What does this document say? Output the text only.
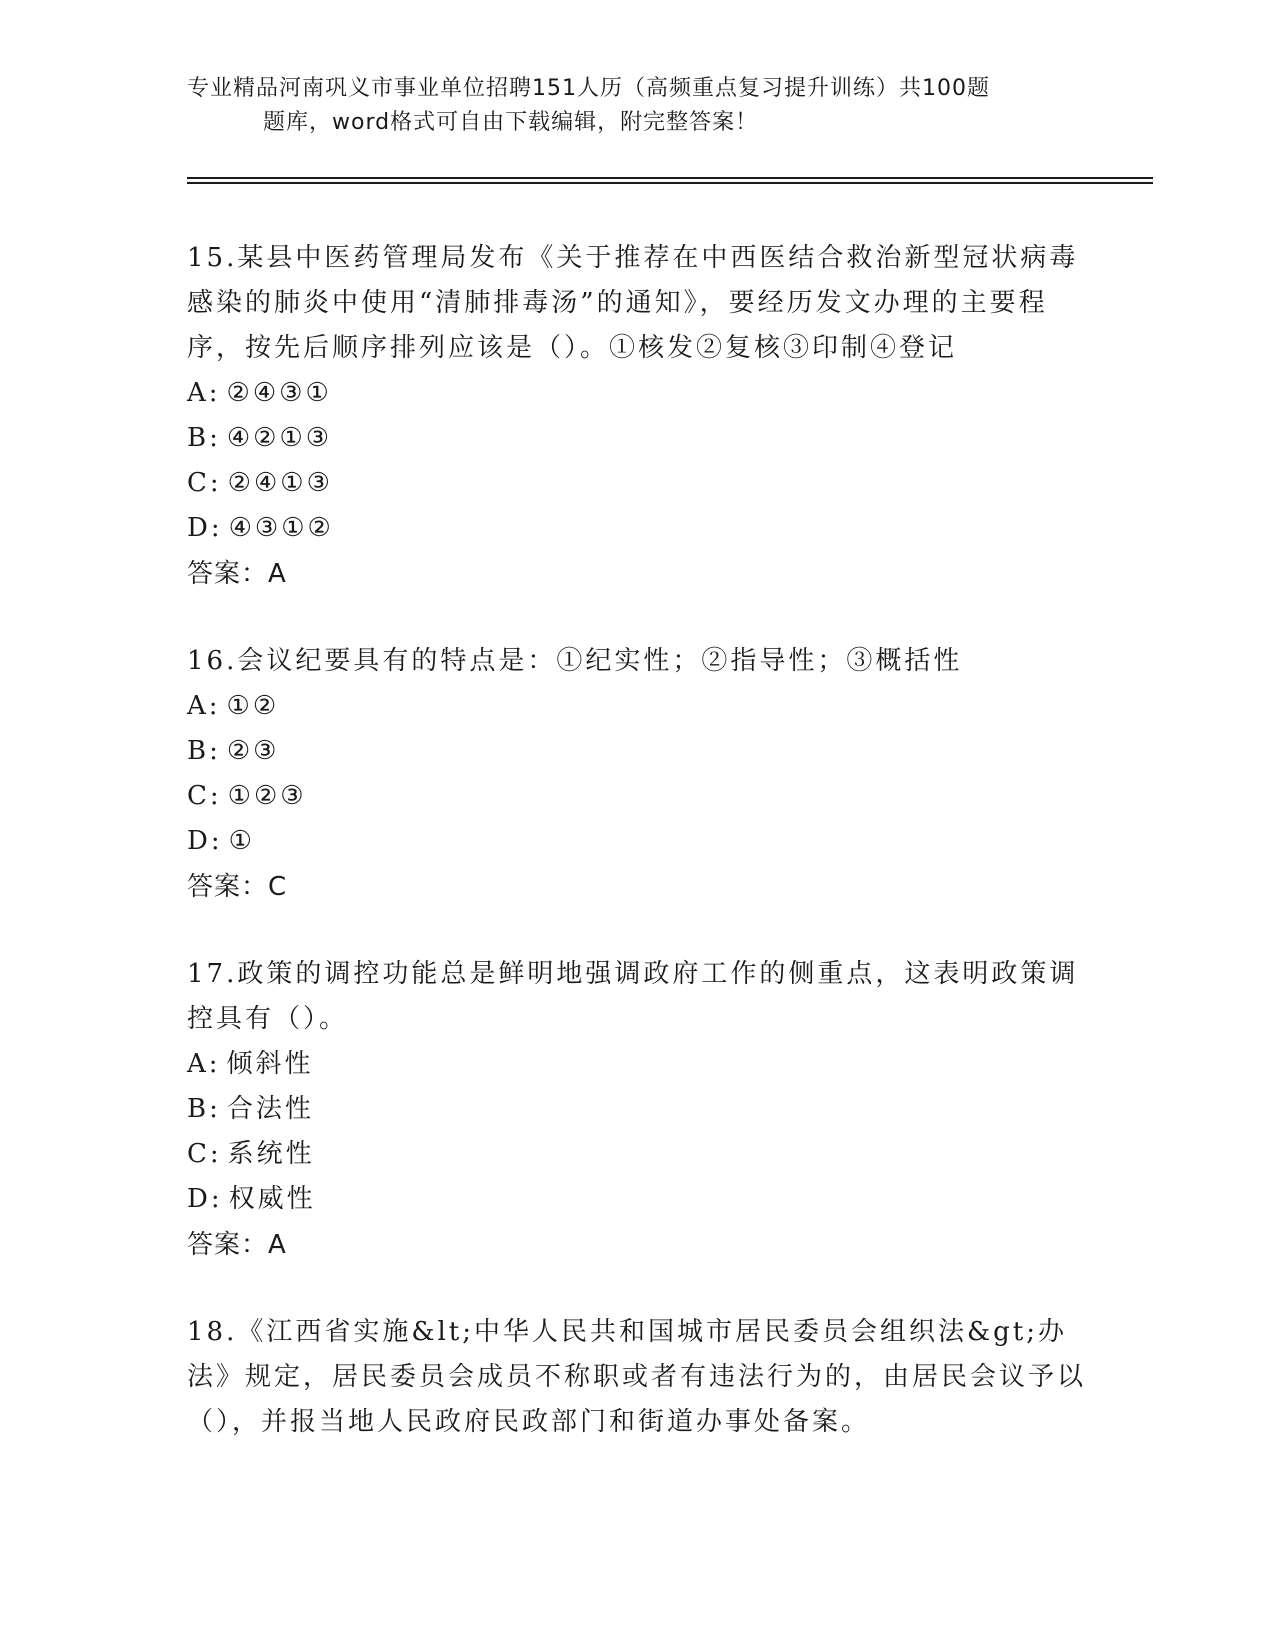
专业精品河南巩义市事业单位招聘151人历（高频重点复习提升训练）共100题
题库，word格式可自由下载编辑，附完整答案！
15.某县中医药管理局发布《关于推荐在中西医结合救治新型冠状病毒感染的肺炎中使用“清肺排毒汤”的通知》，要经历发文办理的主要程序，按先后顺序排列应该是（）。①核发②复核③印制④登记
A: ②④③①
B: ④②①③
C: ②④①③
D: ④③①②
答案：A
16.会议纪要具有的特点是：①纪实性；②指导性；③概括性
A: ①②
B: ②③
C: ①②③
D: ①
答案：C
17.政策的调控功能总是鲜明地强调政府工作的侧重点，这表明政策调控具有（）。
A: 倾斜性
B: 合法性
C: 系统性
D: 权威性
答案：A
18.《江西省实施&lt;中华人民共和国城市居民委员会组织法&gt;办法》规定，居民委员会成员不称职或者有违法行为的，由居民会议予以（），并报当地人民政府民政部门和街道办事处备案。
